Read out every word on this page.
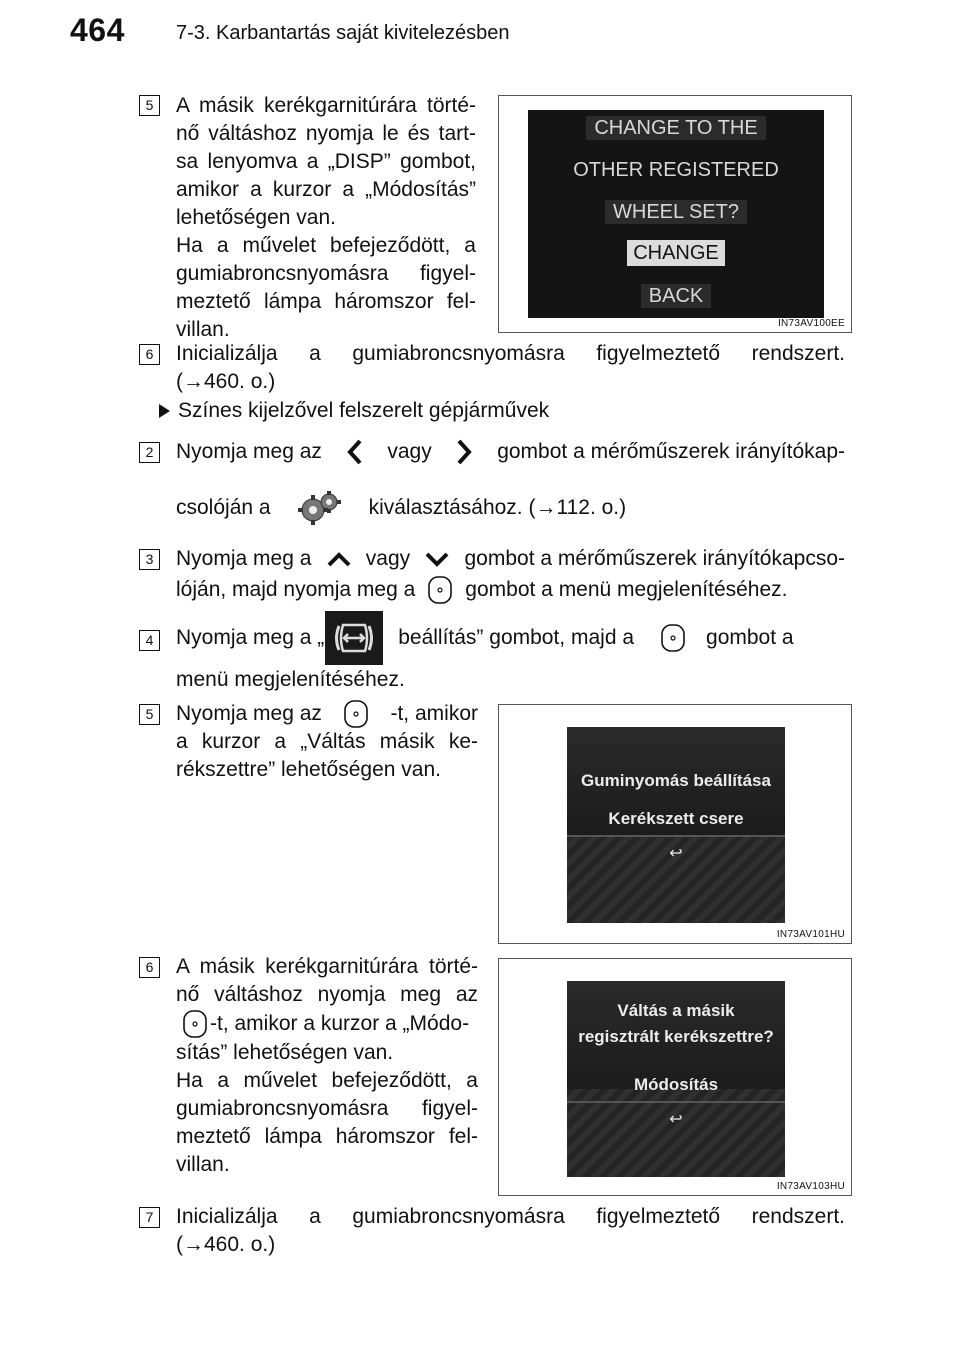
464	7-3. Karbantartás saját kivitelezésben
5	A másik kerékgarnitúrára törté-
nő váltáshoz nyomja le és tart-
sa lenyomva a „DISP” gombot,
amikor a kurzor a „Módosítás”
lehetőségen van.
Ha a művelet befejeződött, a
gumiabroncsnyomásra figyel-
meztető lámpa háromszor fel-
villan.
CHANGE TO THE
OTHER REGISTERED
WHEEL SET?
CHANGE
BACK
IN73AV100EE
6	Inicializálja a gumiabroncsnyomásra figyelmeztető rendszert.
(→460. o.)
Színes kijelzővel felszerelt gépjárművek
2	Nyomja meg az	vagy	gombot a mérőműszerek irányítókap-
csolóján a	kiválasztásához. (→112. o.)
3	Nyomja meg a	vagy	gombot a mérőműszerek irányítókapcso-
lóján, majd nyomja meg a gombot a menü megjelenítéséhez.
4	Nyomja meg a „	beállítás” gombot, majd a	gombot a
menü megjelenítéséhez.
5	Nyomja meg az	-t, amikor
a kurzor a „Váltás másik ke-
rékszettre” lehetőségen van.	Guminyomás beállítása
Kerékszett csere
↩
IN73AV101HU
6	A másik kerékgarnitúrára törté-
nő váltáshoz nyomja meg az
-t, amikor a kurzor a „Módo-
sítás” lehetőségen van.
Ha a művelet befejeződött, a
gumiabroncsnyomásra figyel-
meztető lámpa háromszor fel-
villan.
Váltás a másik
regisztrált kerékszettre?
Módosítás
↩
IN73AV103HU
7	Inicializálja a gumiabroncsnyomásra figyelmeztető rendszert.
(→460. o.)
